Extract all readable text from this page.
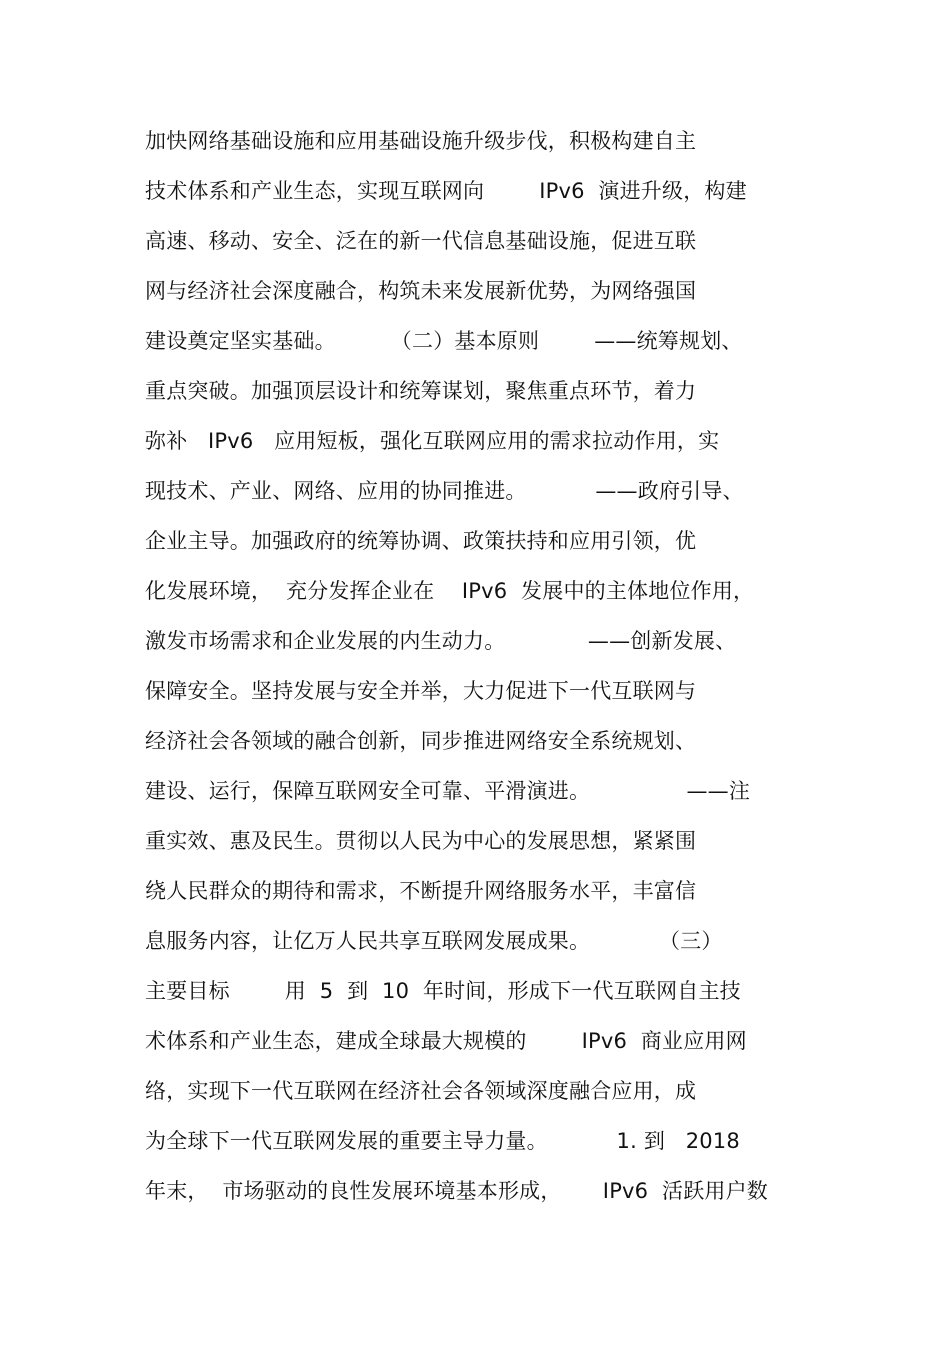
加快网络基础设施和应用基础设施升级步伐，积极构建自主
技术体系和产业生态，实现互联网向        IPv6  演进升级，构建
高速、移动、安全、泛在的新一代信息基础设施，促进互联
网与经济社会深度融合，构筑未来发展新优势，为网络强国
建设奠定坚实基础。        （二）基本原则        ——统筹规划、
重点突破。加强顶层设计和统筹谋划，聚焦重点环节，着力
弥补   IPv6   应用短板，强化互联网应用的需求拉动作用，实
现技术、产业、网络、应用的协同推进。          ——政府引导、
企业主导。加强政府的统筹协调、政策扶持和应用引领，优
化发展环境，  充分发挥企业在    IPv6  发展中的主体地位作用，
激发市场需求和企业发展的内生动力。            ——创新发展、
保障安全。坚持发展与安全并举，大力促进下一代互联网与
经济社会各领域的融合创新，同步推进网络安全系统规划、
建设、运行，保障互联网安全可靠、平滑演进。              ——注
重实效、惠及民生。贯彻以人民为中心的发展思想，紧紧围
绕人民群众的期待和需求，不断提升网络服务水平，丰富信
息服务内容，让亿万人民共享互联网发展成果。          （三）
主要目标        用  5  到  10  年时间，形成下一代互联网自主技
术体系和产业生态，建成全球最大规模的        IPv6  商业应用网
络，实现下一代互联网在经济社会各领域深度融合应用，成
为全球下一代互联网发展的重要主导力量。          1. 到   2018
年末，  市场驱动的良性发展环境基本形成，      IPv6  活跃用户数
